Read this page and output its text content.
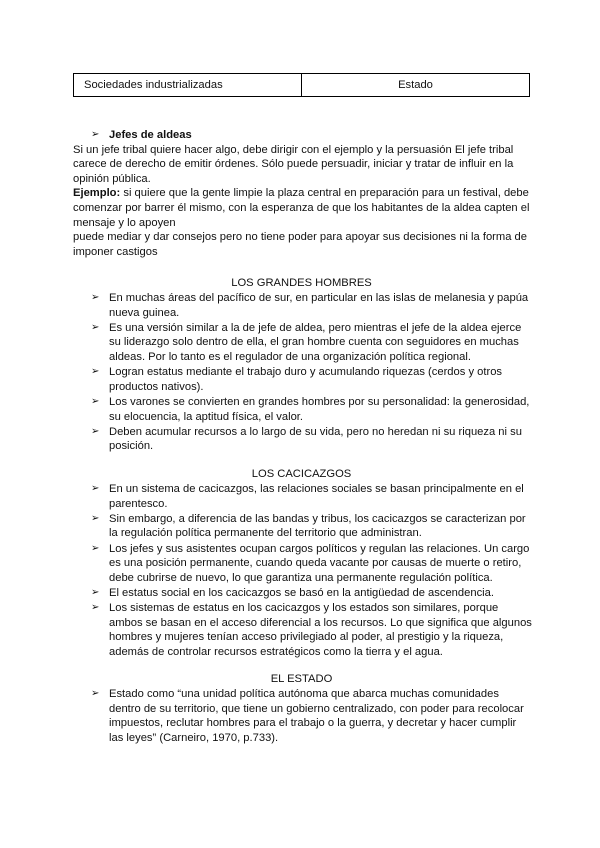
Sociedades industrializadas	Estado
➢ Jefes de aldeas

Si un jefe tribal quiere hacer algo, debe dirigir con el ejemplo y la persuasión El jefe tribal carece de derecho de emitir órdenes. Sólo puede persuadir, iniciar y tratar de influir en la opinión pública.

Ejemplo: si quiere que la gente limpie la plaza central en preparación para un festival, debe comenzar por barrer él mismo, con la esperanza de que los habitantes de la aldea capten el mensaje y lo apoyen

puede mediar y dar consejos pero no tiene poder para apoyar sus decisiones ni la forma de imponer castigos

LOS GRANDES HOMBRES
➢ En muchas áreas del pacífico de sur, en particular en las islas de melanesia y papúa nueva guinea.
➢ Es una versión similar a la de jefe de aldea, pero mientras el jefe de la aldea ejerce su liderazgo solo dentro de ella, el gran hombre cuenta con seguidores en muchas aldeas. Por lo tanto es el regulador de una organización política regional.
➢ Logran estatus mediante el trabajo duro y acumulando riquezas (cerdos y otros productos nativos).
➢ Los varones se convierten en grandes hombres por su personalidad: la generosidad, su elocuencia, la aptitud física, el valor.
➢ Deben acumular recursos a lo largo de su vida, pero no heredan ni su riqueza ni su posición.
LOS CACICAZGOS
➢ En un sistema de cacicazgos, las relaciones sociales se basan principalmente en el parentesco.
➢ Sin embargo, a diferencia de las bandas y tribus, los cacicazgos se caracterizan por la regulación política permanente del territorio que administran.
➢ Los jefes y sus asistentes ocupan cargos políticos y regulan las relaciones. Un cargo es una posición permanente, cuando queda vacante por causas de muerte o retiro, debe cubrirse de nuevo, lo que garantiza una permanente regulación política.
➢ El estatus social en los cacicazgos se basó en la antigüedad de ascendencia.
➢ Los sistemas de estatus en los cacicazgos y los estados son similares, porque ambos se basan en el acceso diferencial a los recursos. Lo que significa que algunos hombres y mujeres tenían acceso privilegiado al poder, al prestigio y la riqueza, además de controlar recursos estratégicos como la tierra y el agua.
EL ESTADO
➢ Estado como “una unidad política autónoma que abarca muchas comunidades dentro de su territorio, que tiene un gobierno centralizado, con poder para recolocar impuestos, reclutar hombres para el trabajo o la guerra, y decretar y hacer cumplir las leyes” (Carneiro, 1970, p.733).
